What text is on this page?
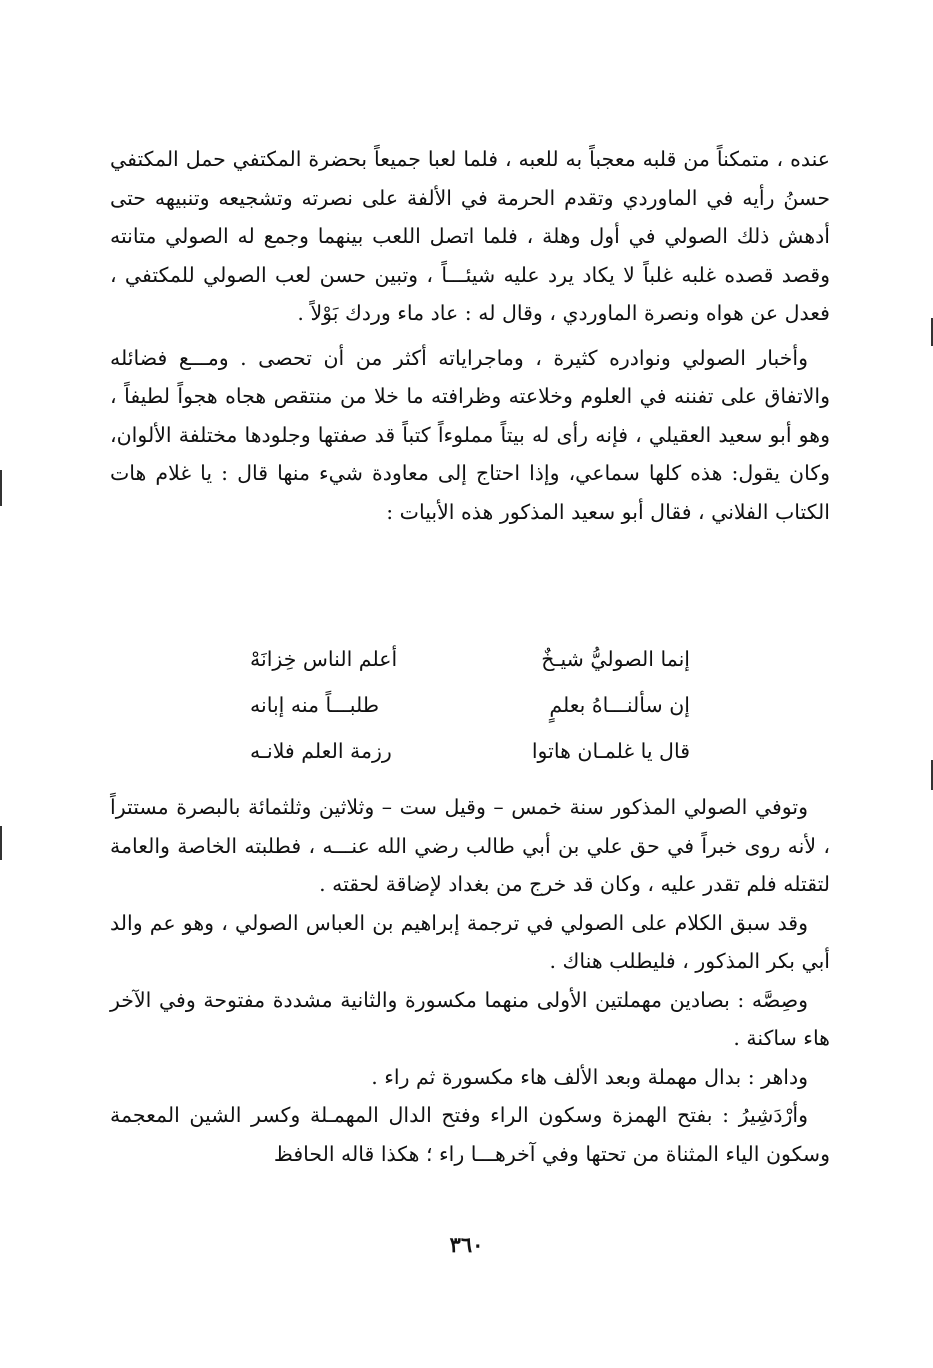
عنده ، متمكناً من قلبه معجباً به للعبه ، فلما لعبا جميعاً بحضرة المكتفي حمل المكتفي حسنُ رأيه في الماوردي وتقدم الحرمة في الألفة على نصرته وتشجيعه وتنبيهه حتى أدهش ذلك الصولي في أول وهلة ، فلما اتصل اللعب بينهما وجمع له الصولي متانته وقصد قصده غلبه غلباً لا يكاد يرد عليه شيئـــاً ، وتبين حسن لعب الصولي للمكتفي ، فعدل عن هواه ونصرة الماوردي ، وقال له : عاد ماء وردك بَوْلاً .

وأخبار الصولي ونوادره كثيرة ، وماجراياته أكثر من أن تحصى . ومـــع فضائله والاتفاق على تفننه في العلوم وخلاعته وظرافته ما خلا من منتقص هجاه هجواً لطيفاً ، وهو أبو سعيد العقيلي ، فإنه رأى له بيتاً مملوءاً كتباً قد صفتها وجلودها مختلفة الألوان، وكان يقول: هذه كلها سماعي، وإذا احتاج إلى معاودة شيء منها قال : يا غلام هات الكتاب الفلاني ، فقال أبو سعيد المذكور هذه الأبيات :

إنما الصوليُّ شيـخٌ
أعلم الناس خِزانَهْ
إن سألنـــاهُ بعلمٍ
طلبـــاً منه إبانه
قال يا غلمـان هاتوا
رزمة العلم فلانـه

وتوفي الصولي المذكور سنة خمس – وقيل ست – وثلاثين وثلثمائة بالبصرة مستتراً ، لأنه روى خبراً في حق علي بن أبي طالب رضي الله عنـــه ، فطلبته الخاصة والعامة لتقتله فلم تقدر عليه ، وكان قد خرج من بغداد لإضاقة لحقته .

وقد سبق الكلام على الصولي في ترجمة إبراهيم بن العباس الصولي ، وهو عم والد أبي بكر المذكور ، فليطلب هناك .

وصِصَّه : بصادين مهملتين الأولى منهما مكسورة والثانية مشددة مفتوحة وفي الآخر هاء ساكنة .

وداهر : بدال مهملة وبعد الألف هاء مكسورة ثم راء .

وأرْدَشِيرُ : بفتح الهمزة وسكون الراء وفتح الدال المهمـلة وكسر الشين المعجمة وسكون الياء المثناة من تحتها وفي آخرهـــا راء ؛ هكذا قاله الحافظ

٣٦٠
